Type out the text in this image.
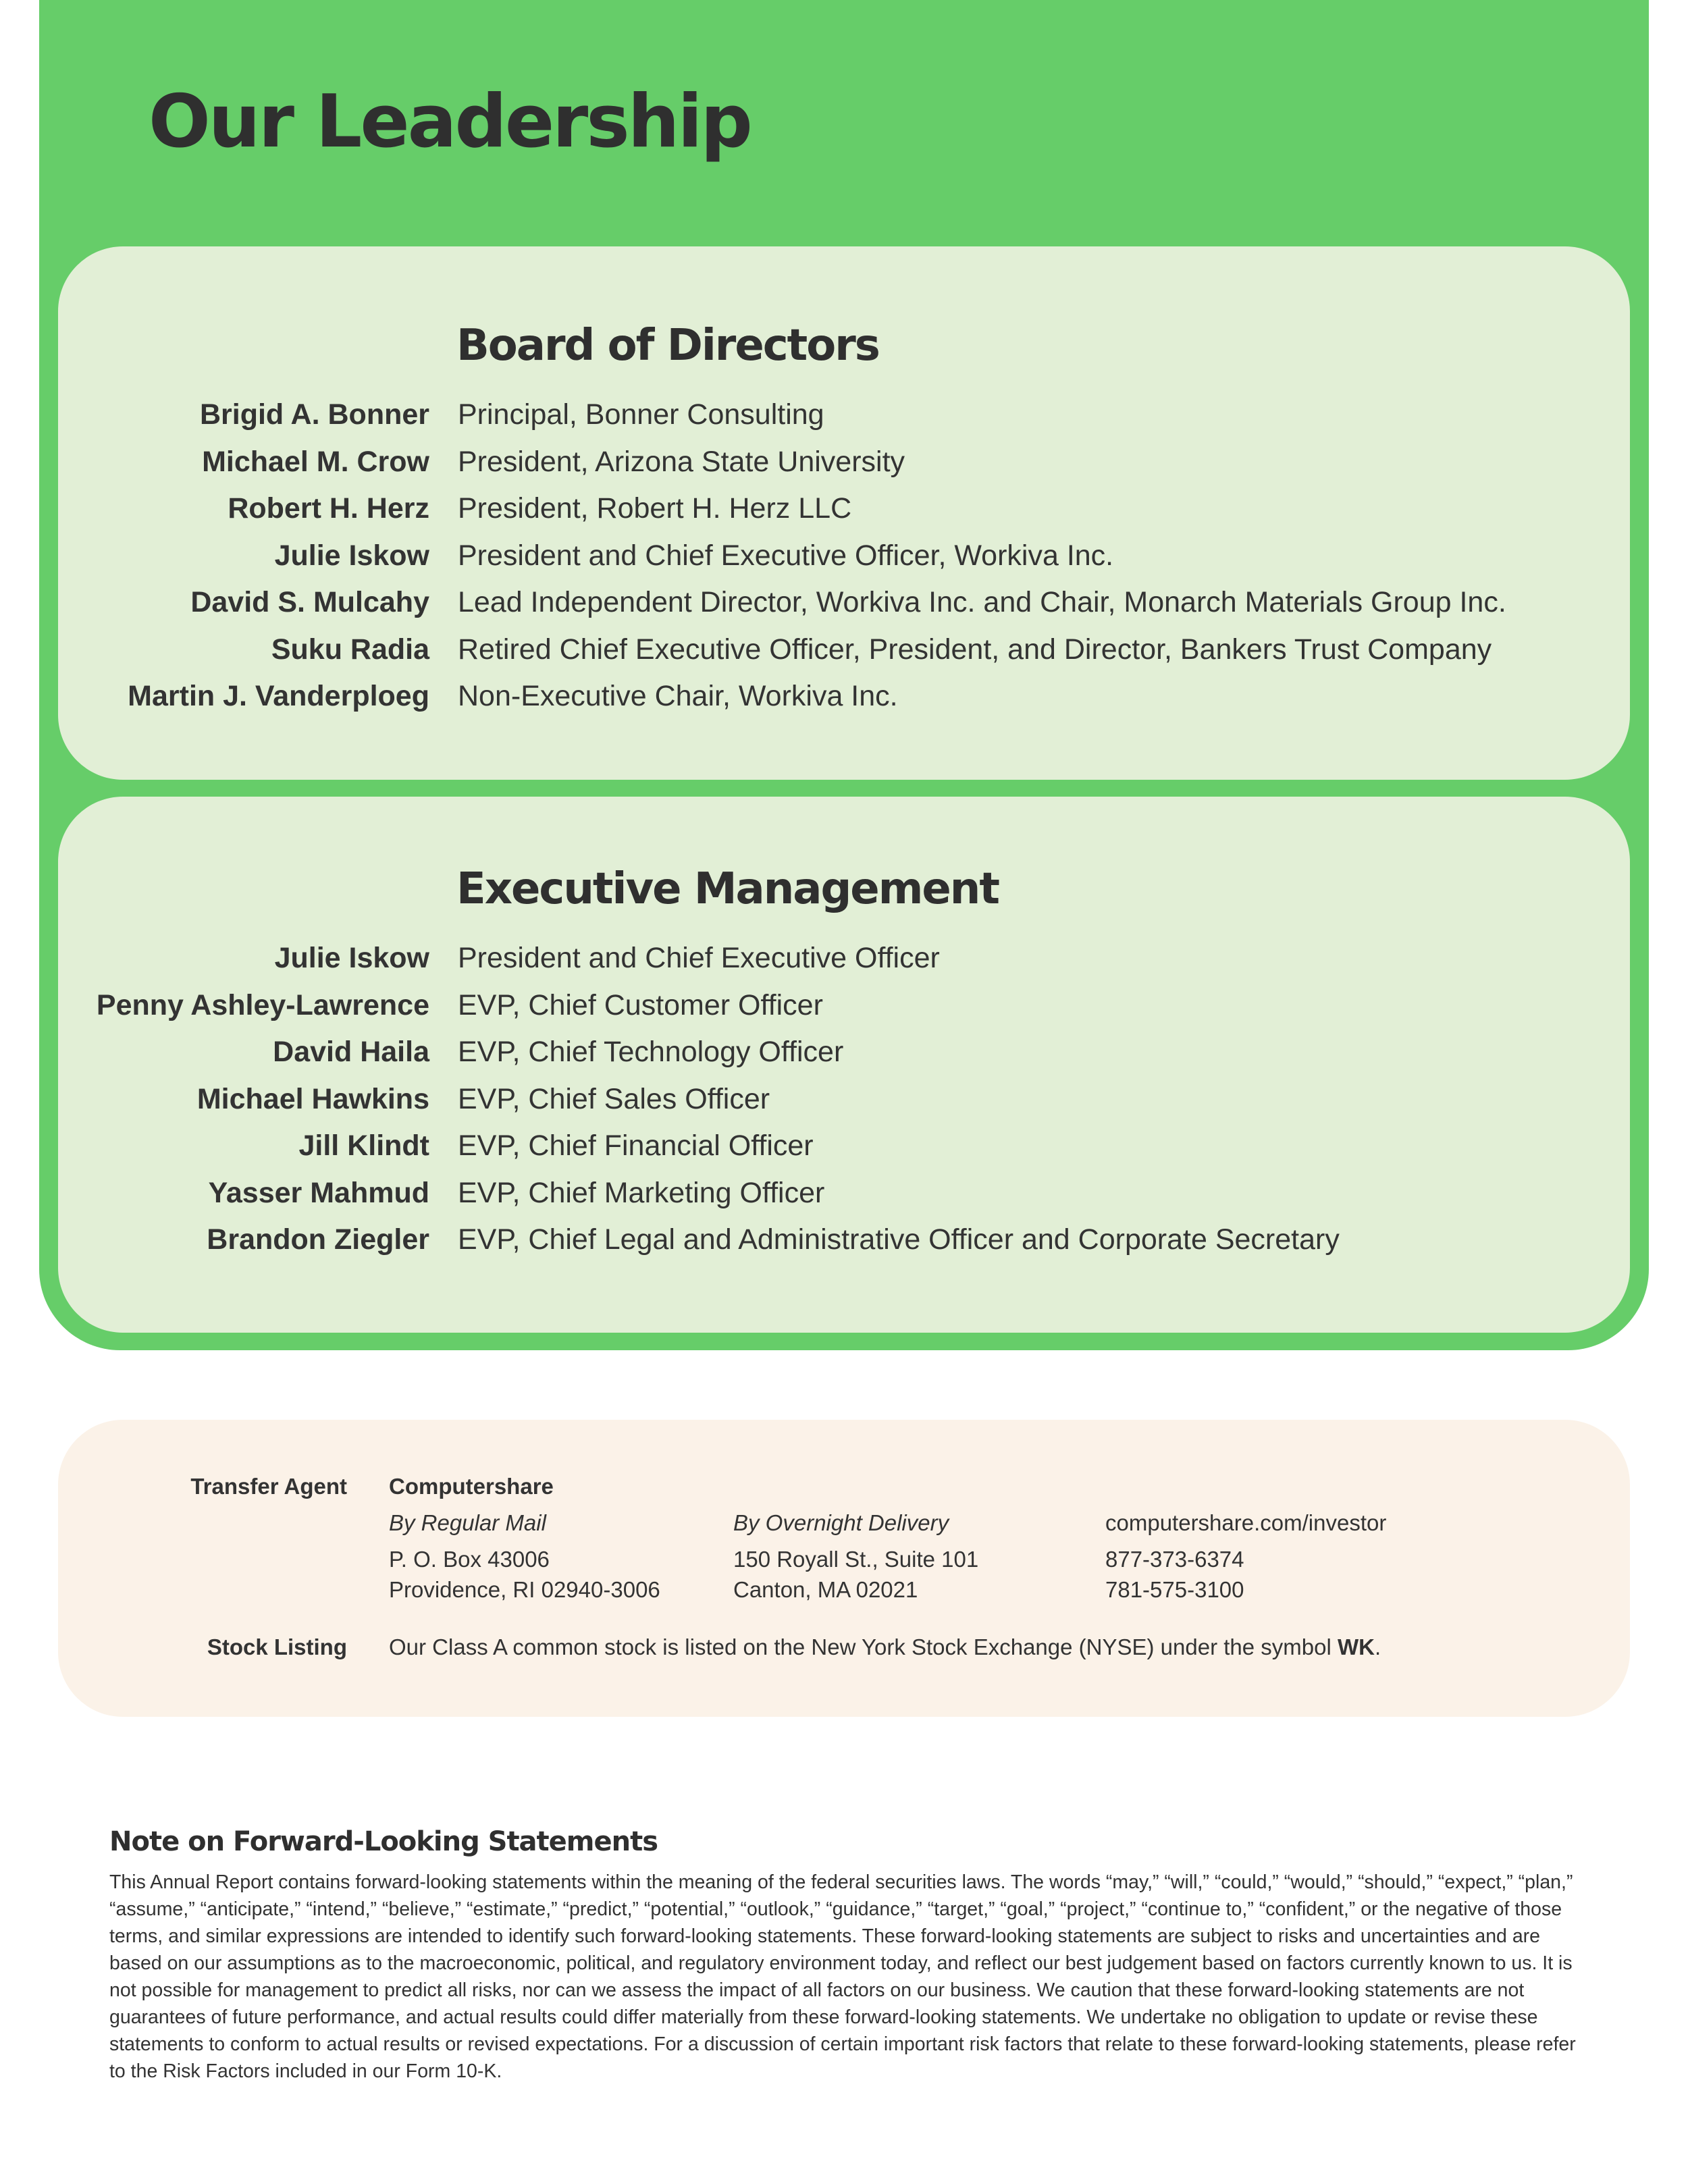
Our Leadership
Board of Directors
Brigid A. Bonner Principal, Bonner Consulting
Michael M. Crow President, Arizona State University
Robert H. Herz President, Robert H. Herz LLC
Julie Iskow President and Chief Executive Officer, Workiva Inc.
David S. Mulcahy Lead Independent Director, Workiva Inc. and Chair, Monarch Materials Group Inc.
Suku Radia Retired Chief Executive Officer, President, and Director, Bankers Trust Company
Martin J. Vanderploeg Non-Executive Chair, Workiva Inc.
Executive Management
Julie Iskow President and Chief Executive Officer
Penny Ashley-Lawrence EVP, Chief Customer Officer
David Haila EVP, Chief Technology Officer
Michael Hawkins EVP, Chief Sales Officer
Jill Klindt EVP, Chief Financial Officer
Yasser Mahmud EVP, Chief Marketing Officer
Brandon Ziegler EVP, Chief Legal and Administrative Officer and Corporate Secretary
Transfer Agent Computershare
By Regular Mail
P. O. Box 43006
Providence, RI 02940-3006
By Overnight Delivery
150 Royall St., Suite 101
Canton, MA 02021
computershare.com/investor
877-373-6374
781-575-3100
Stock Listing Our Class A common stock is listed on the New York Stock Exchange (NYSE) under the symbol WK.
Note on Forward-Looking Statements

This Annual Report contains forward-looking statements within the meaning of the federal securities laws. The words “may,” “will,” “could,” “would,” “should,” “expect,” “plan,” “assume,” “anticipate,” “intend,” “believe,” “estimate,” “predict,” “potential,” “outlook,” “guidance,” “target,” “goal,” “project,” “continue to,” “confident,” or the negative of those terms, and similar expressions are intended to identify such forward-looking statements. These forward-looking statements are subject to risks and uncertainties and are based on our assumptions as to the macroeconomic, political, and regulatory environment today, and reflect our best judgement based on factors currently known to us. It is not possible for management to predict all risks, nor can we assess the impact of all factors on our business. We caution that these forward-looking statements are not guarantees of future performance, and actual results could differ materially from these forward-looking statements. We undertake no obligation to update or revise these statements to conform to actual results or revised expectations. For a discussion of certain important risk factors that relate to these forward-looking statements, please refer to the Risk Factors included in our Form 10-K.
